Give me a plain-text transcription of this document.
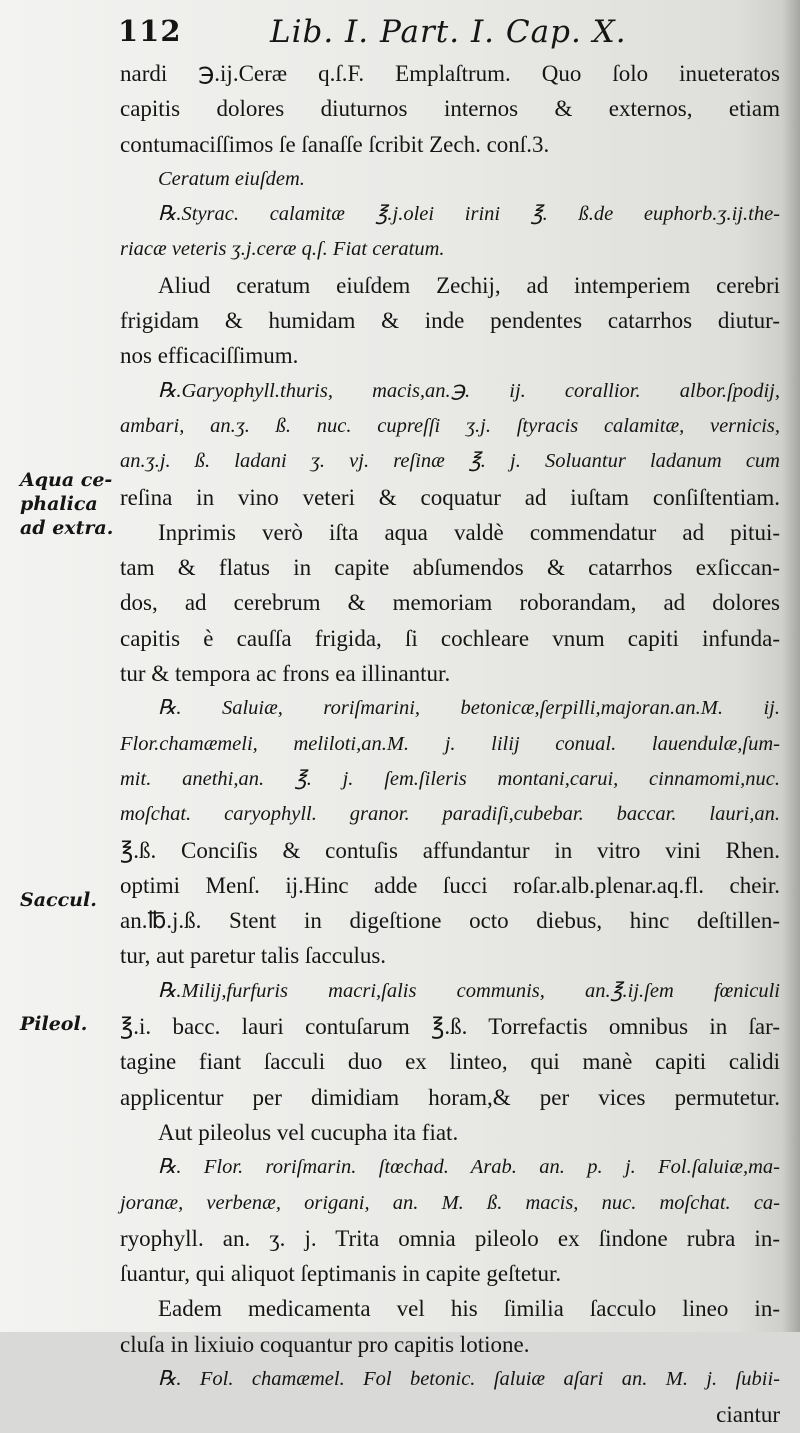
112	Lib. I. Part. I. Cap. X.
Aqua ce- phalica ad extra.
Saccul.
Pileol.
nardi ℈.ij.Ceræ q.ſ.F. Emplaſtrum. Quo ſolo inueteratos
capitis dolores diuturnos internos & externos, etiam
contumaciſſimos ſe ſanaſſe ſcribit Zech. conſ.3.
Ceratum eiuſdem.
℞.Styrac. calamitæ ℥.j.olei irini ℥. ß.de euphorb.ʒ.ij.the-
riacæ veteris ʒ.j.ceræ q.ſ. Fiat ceratum.
Aliud ceratum eiuſdem Zechij, ad intemperiem cerebri
frigidam & humidam & inde pendentes catarrhos diutur-
nos efficaciſſimum.
℞.Garyophyll.thuris, macis,an.℈. ij. corallior. albor.ſpodij,
ambari, an.ʒ. ß. nuc. cupreſſi ʒ.j. ſtyracis calamitæ, vernicis,
an.ʒ.j. ß. ladani ʒ. vj. reſinæ ℥. j. Soluantur ladanum cum
reſina in vino veteri & coquatur ad iuſtam conſiſtentiam.
Inprimis verò iſta aqua valdè commendatur ad pitui-
tam & flatus in capite abſumendos & catarrhos exſiccan-
dos, ad cerebrum & memoriam roborandam, ad dolores
capitis è cauſſa frigida, ſi cochleare vnum capiti infunda-
tur & tempora ac frons ea illinantur.
℞. Saluiæ, roriſmarini, betonicæ,ſerpilli,majoran.an.M. ij.
Flor.chamæmeli, meliloti,an.M. j. lilij conual. lauendulæ,ſum-
mit. anethi,an. ℥. j. ſem.ſileris montani,carui, cinnamomi,nuc.
moſchat. caryophyll. granor. paradiſi,cubebar. baccar. lauri,an.
℥.ß. Conciſis & contuſis affundantur in vitro vini Rhen.
optimi Menſ. ij.Hinc adde ſucci roſar.alb.plenar.aq.fl. cheir.
an.℔.j.ß. Stent in digeſtione octo diebus, hinc deſtillen-
tur, aut paretur talis ſacculus.
℞.Milij,furfuris macri,ſalis communis, an.℥.ij.ſem fœniculi
℥.i. bacc. lauri contuſarum ℥.ß. Torrefactis omnibus in ſar-
tagine fiant ſacculi duo ex linteo, qui manè capiti calidi
applicentur per dimidiam horam,& per vices permutetur.
Aut pileolus vel cucupha ita fiat.
℞. Flor. roriſmarin. ſtœchad. Arab. an. p. j. Fol.ſaluiæ,ma-
joranæ, verbenæ, origani, an. M. ß. macis, nuc. moſchat. ca-
ryophyll. an. ʒ. j. Trita omnia pileolo ex ſindone rubra in-
ſuantur, qui aliquot ſeptimanis in capite geſtetur.
Eadem medicamenta vel his ſimilia ſacculo lineo in-
cluſa in lixiuio coquantur pro capitis lotione.
℞. Fol. chamæmel. Fol betonic. ſaluiæ aſari an. M. j. ſubii-
ciantur
